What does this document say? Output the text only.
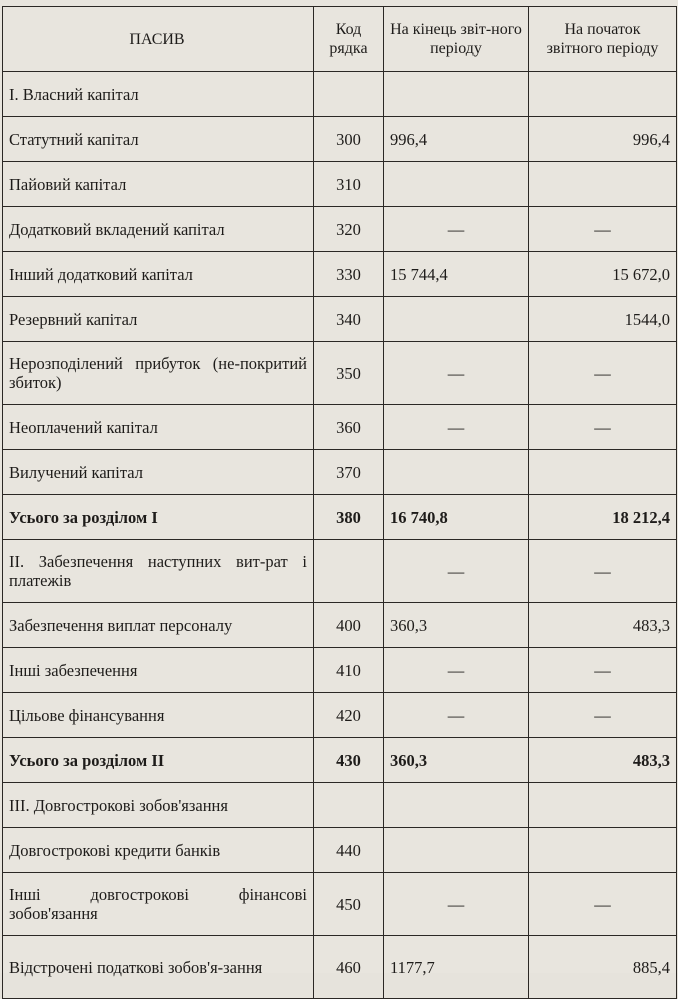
ПАСИВ	Код рядка	На кінець звіт-ного періоду	На початок звітного періоду
І. Власний капітал			
Статутний капітал	300	996,4	996,4
Пайовий капітал	310		
Додатковий вкладений капітал	320	—	—
Інший додатковий капітал	330	15 744,4	15 672,0
Резервний капітал	340		1544,0
Нерозподілений прибуток (не-покритий збиток)	350	—	—
Неоплачений капітал	360	—	—
Вилучений капітал	370		
Усього за розділом І	380	16 740,8	18 212,4
II. Забезпечення наступних вит-рат і платежів		—	—
Забезпечення виплат персоналу	400	360,3	483,3
Інші забезпечення	410	—	—
Цільове фінансування	420	—	—
Усього за розділом II	430	360,3	483,3
III. Довгострокові зобов'язання			
Довгострокові кредити банків	440		
Інші довгострокові фінансові зобов'язання	450	—	—
Відстрочені податкові зобов'я-зання	460	1177,7	885,4
